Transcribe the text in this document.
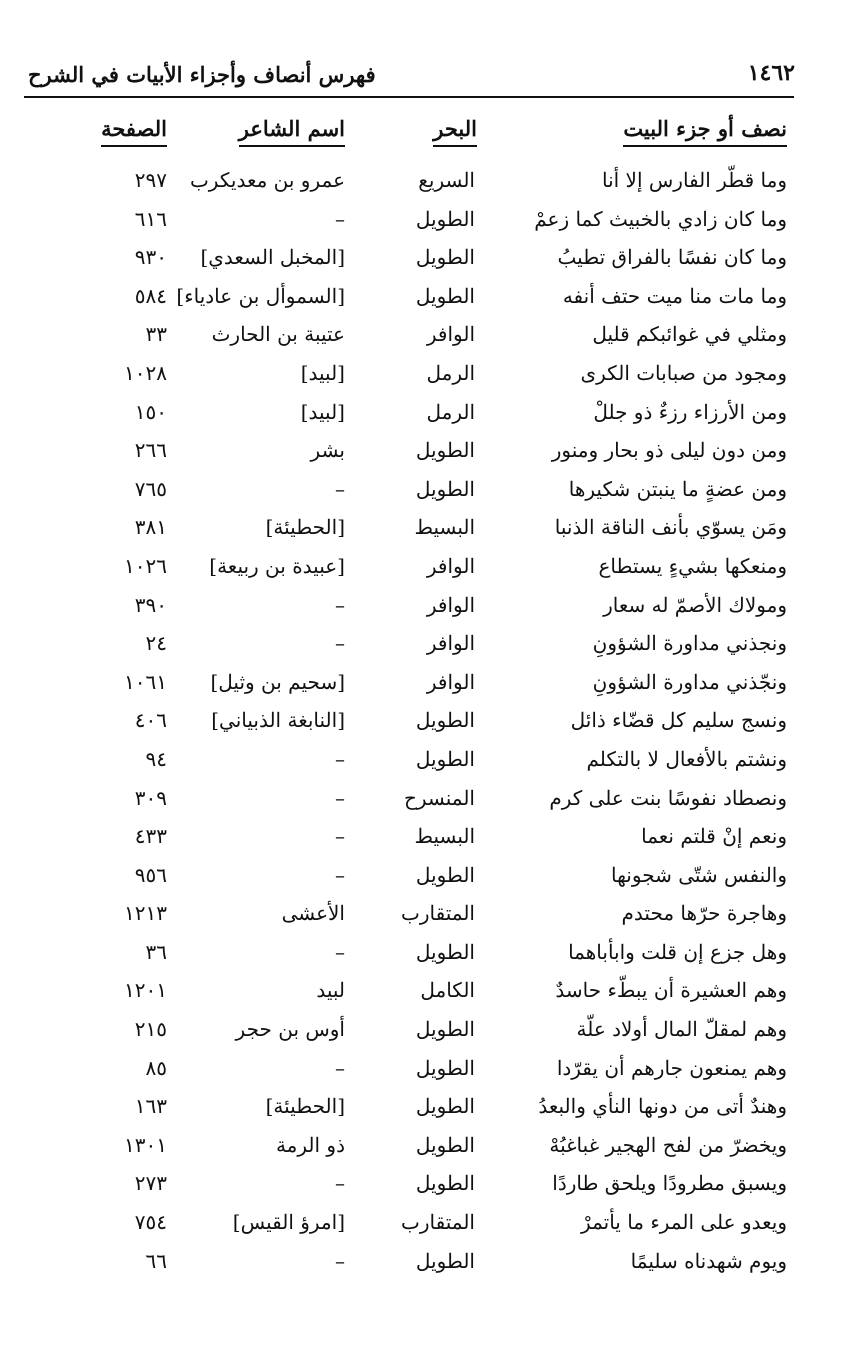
١٤٦٢
فهرس أنصاف وأجزاء الأبيات في الشرح
نصف أو جزء البيت
البحر
اسم الشاعر
الصفحة
وما قطّر الفارس إلا أنا
السريع
عمرو بن معديكرب
٢٩٧
وما كان زادي بالخبيث كما زعمْ
الطويل
–
٦١٦
وما كان نفسًا بالفراق تطيبُ
الطويل
[المخبل السعدي]
٩٣٠
وما مات منا ميت حتف أنفه
الطويل
[السموأل بن عادياء]
٥٨٤
ومثلي في غوائبكم قليل
الوافر
عتيبة بن الحارث
٣٣
ومجود من صبابات الكرى
الرمل
[لبيد]
١٠٢٨
ومن الأرزاء رزءٌ ذو جللْ
الرمل
[لبيد]
١٥٠
ومن دون ليلى ذو بحار ومنور
الطويل
بشر
٢٦٦
ومن عضةٍ ما ينبتن شكيرها
الطويل
–
٧٦٥
ومَن يسوّي بأنف الناقة الذنبا
البسيط
[الحطيئة]
٣٨١
ومنعكها بشيءٍ يستطاع
الوافر
[عبيدة بن ربيعة]
١٠٢٦
ومولاك الأصمّ له سعار
الوافر
–
٣٩٠
ونجذني مداورة الشؤونِ
الوافر
–
٢٤
ونجّذني مداورة الشؤونِ
الوافر
[سحيم بن وثيل]
١٠٦١
ونسج سليم كل قضّاء ذائل
الطويل
[النابغة الذبياني]
٤٠٦
ونشتم بالأفعال لا بالتكلم
الطويل
–
٩٤
ونصطاد نفوسًا بنت على كرم
المنسرح
–
٣٠٩
ونعم إنْ قلتم نعما
البسيط
–
٤٣٣
والنفس شتّى شجونها
الطويل
–
٩٥٦
وهاجرة حرّها محتدم
المتقارب
الأعشى
١٢١٣
وهل جزع إن قلت وابأباهما
الطويل
–
٣٦
وهم العشيرة أن يبطّء حاسدٌ
الكامل
لبيد
١٢٠١
وهم لمقلّ المال أولاد علّة
الطويل
أوس بن حجر
٢١٥
وهم يمنعون جارهم أن يقرّدا
الطويل
–
٨٥
وهندٌ أتى من دونها النأي والبعدُ
الطويل
[الحطيئة]
١٦٣
ويخضرّ من لفح الهجير غباغبُهْ
الطويل
ذو الرمة
١٣٠١
ويسبق مطرودًا ويلحق طاردًا
الطويل
–
٢٧٣
ويعدو على المرء ما يأتمرْ
المتقارب
[امرؤ القيس]
٧٥٤
ويوم شهدناه سليمًا
الطويل
–
٦٦
